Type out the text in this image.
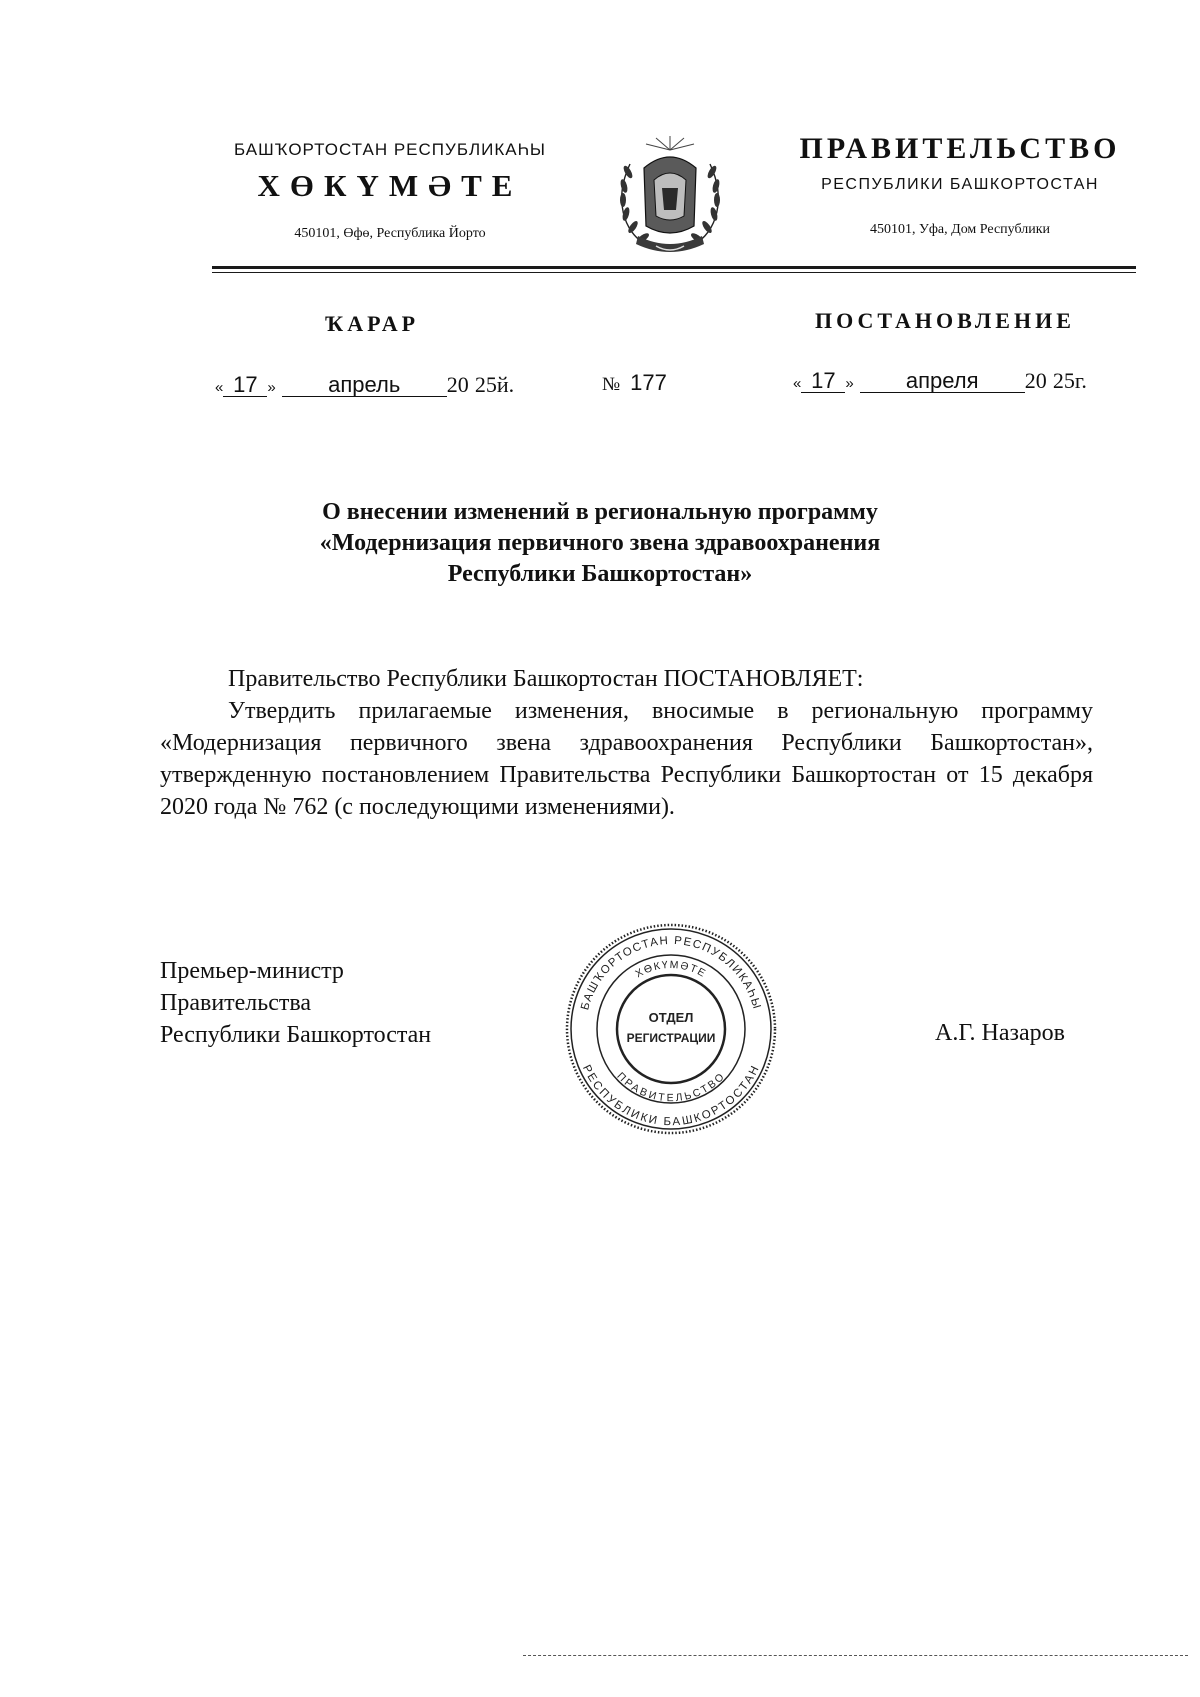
БАШҠОРТОСТАН РЕСПУБЛИКАҺЫ
ХӨКҮМӘТЕ
450101, Өфө, Республика Йорто
ПРАВИТЕЛЬСТВО
РЕСПУБЛИКИ БАШКОРТОСТАН
450101, Уфа, Дом Республики
ҠАРАР	ПОСТАНОВЛЕНИЕ
« 17 » апрель 20 25й.	№ 177	« 17 » апреля 20 25г.
О внесении изменений в региональную программу
«Модернизация первичного звена здравоохранения
Республики Башкортостан»

Правительство Республики Башкортостан ПОСТАНОВЛЯЕТ:

Утвердить прилагаемые изменения, вносимые в региональную программу «Модернизация первичного звена здравоохранения Республики Башкортостан», утвержденную постановлением Правительства Республики Башкортостан от 15 декабря 2020 года № 762 (с последующими изменениями).

Премьер-министр
Правительства
Республики Башкортостан
БАШҠОРТОСТАН РЕСПУБЛИКАҺЫ
ХӨКҮМӘТЕ
РЕСПУБЛИКИ БАШКОРТОСТАН
ПРАВИТЕЛЬСТВО
ОТДЕЛ
РЕГИСТРАЦИИ	А.Г. Назаров
